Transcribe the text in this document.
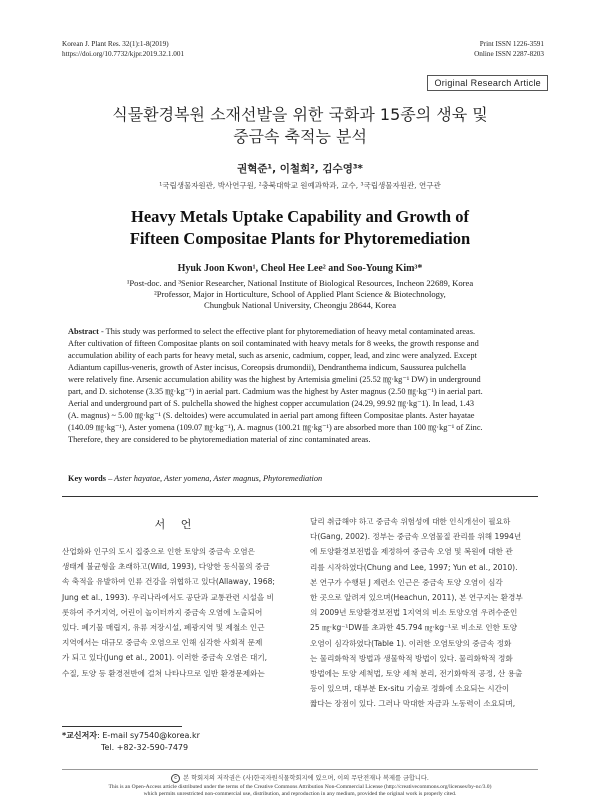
Korean J. Plant Res. 32(1):1-8(2019)
https://doi.org/10.7732/kjpr.2019.32.1.001
Print ISSN 1226-3591
Online ISSN 2287-8203
Original Research Article
식물환경복원 소재선발을 위한 국화과 15종의 생육 및
중금속 축적능 분석
권혁준¹, 이철희², 김수영³*
¹국립생물자원관, 박사연구원, ²충북대학교 원예과학과, 교수, ³국립생물자원관, 연구관
Heavy Metals Uptake Capability and Growth of
Fifteen Compositae Plants for Phytoremediation
Hyuk Joon Kwon¹, Cheol Hee Lee² and Soo-Young Kim³*
¹Post-doc. and ³Senior Researcher, National Institute of Biological Resources, Incheon 22689, Korea
²Professor, Major in Horticulture, School of Applied Plant Science & Biotechnology,
Chungbuk National University, Cheongju 28644, Korea
Abstract - This study was performed to select the effective plant for phytoremediation of heavy metal contaminated areas.
After cultivation of fifteen Compositae plants on soil contaminated with heavy metals for 8 weeks, the growth response and
accumulation ability of each parts for heavy metal, such as arsenic, cadmium, copper, lead, and zinc were analyzed. Except
Adiantum capillus-veneris, growth of Aster incisus, Coreopsis drumondii), Dendranthema indicum, Saussurea pulchella
were relatively fine. Arsenic accumulation ability was the highest by Artemisia gmelini (25.52 ㎎·kg⁻¹ DW) in underground
part, and D. sichotense (3.35 ㎎·kg⁻¹) in aerial part. Cadmium was the highest by Aster magnus (2.50 ㎎·kg⁻¹) in aerial part.
Aerial and underground part of S. pulchella showed the highest copper accumulation (24.29, 99.92 ㎎·kg⁻1). In lead, 1.43
(A. magnus) ~ 5.00 ㎎·kg⁻¹ (S. deltoides) were accumulated in aerial part among fifteen Compositae plants. Aster hayatae
(140.09 ㎎·kg⁻¹), Aster yomena (109.07 ㎎·kg⁻¹), A. magnus (100.21 ㎎·kg⁻¹) are absorbed more than 100 ㎎·kg⁻¹ of Zinc.
Therefore, they are considered to be phytoremediation material of zinc contaminated areas.
Key words – Aster hayatae, Aster yomena, Aster magnus, Phytoremediation
서 언
산업화와 인구의 도시 집중으로 인한 토양의 중금속 오염은
생태계 불균형을 초래하고(Wild, 1993), 다양한 동식물의 중금
속 축적을 유발하여 인류 건강을 위협하고 있다(Allaway, 1968;
Jung et al., 1993). 우리나라에서도 공단과 교통관련 시설을 비
롯하여 주거지역, 어린이 놀이터까지 중금속 오염에 노출되어
있다. 폐기물 매립지, 유류 저장시설, 폐광지역 및 제철소 인근
지역에서는 대규모 중금속 오염으로 인해 심각한 사회적 문제
가 되고 있다(Jung et al., 2001). 이러한 중금속 오염은 대기,
수질, 토양 등 환경전반에 걸쳐 나타나므로 일반 환경문제와는
달리 취급해야 하고 중금속 위험성에 대한 인식개선이 필요하
다(Gang, 2002). 정부는 중금속 오염물질 관리를 위해 1994년
에 토양환경보전법을 제정하여 중금속 오염 및 복원에 대한 관
리를 시작하였다(Chung and Lee, 1997; Yun et al., 2010).
본 연구가 수행된 J 제련소 인근은 중금속 토양 오염이 심각
한 곳으로 알려져 있으며(Heachun, 2011), 본 연구지는 환경부
의 2009년 토양환경보전법 1지역의 비소 토양오염 우려수준인
25 ㎎·kg⁻¹DW를 초과한 45.794 ㎎·kg⁻¹로 비소로 인한 토양
오염이 심각하였다(Table 1). 이러한 오염토양의 중금속 정화
는 물리화학적 방법과 생물학적 방법이 있다. 물리화학적 정화
방법에는 토양 세척법, 토양 세척 분리, 전기화학적 공정, 산 용출
등이 있으며, 대부분 Ex-situ 기술로 정화에 소요되는 시간이
짧다는 장점이 있다. 그러나 막대한 자금과 노동력이 소요되며,
*교신저자: E-mail sy7540@korea.kr
Tel. +82-32-590-7479
c 본 학회지의 저작권은 (사)한국자원식물학회지에 있으며, 이의 무단전재나 복제를 금합니다.
This is an Open-Access article distributed under the terms of the Creative Commons Attribution Non-Commercial License (http://creativecommons.org/licenses/by-nc/3.0)
which permits unrestricted non-commercial use, distribution, and reproduction in any medium, provided the original work is properly cited.
